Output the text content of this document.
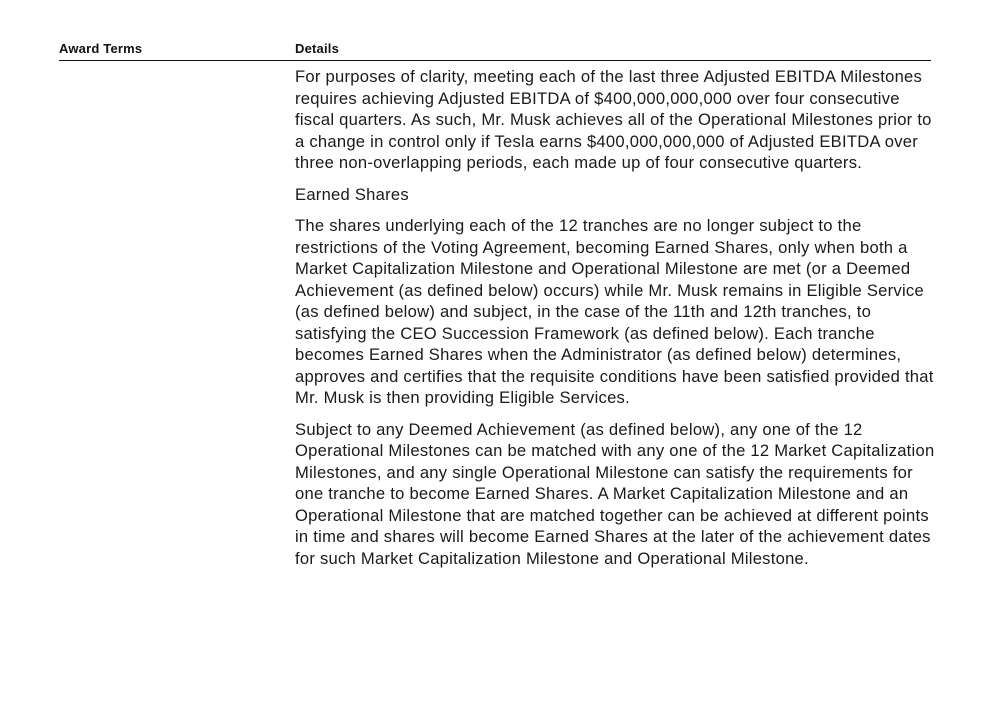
Award Terms	Details

For purposes of clarity, meeting each of the last three Adjusted EBITDA Milestones requires achieving Adjusted EBITDA of $400,000,000,000 over four consecutive fiscal quarters. As such, Mr. Musk achieves all of the Operational Milestones prior to a change in control only if Tesla earns $400,000,000,000 of Adjusted EBITDA over three non-overlapping periods, each made up of four consecutive quarters.

Earned Shares

The shares underlying each of the 12 tranches are no longer subject to the restrictions of the Voting Agreement, becoming Earned Shares, only when both a Market Capitalization Milestone and Operational Milestone are met (or a Deemed Achievement (as defined below) occurs) while Mr. Musk remains in Eligible Service (as defined below) and subject, in the case of the 11th and 12th tranches, to satisfying the CEO Succession Framework (as defined below). Each tranche becomes Earned Shares when the Administrator (as defined below) determines, approves and certifies that the requisite conditions have been satisfied provided that Mr. Musk is then providing Eligible Services.

Subject to any Deemed Achievement (as defined below), any one of the 12 Operational Milestones can be matched with any one of the 12 Market Capitalization Milestones, and any single Operational Milestone can satisfy the requirements for one tranche to become Earned Shares. A Market Capitalization Milestone and an Operational Milestone that are matched together can be achieved at different points in time and shares will become Earned Shares at the later of the achievement dates for such Market Capitalization Milestone and Operational Milestone.
